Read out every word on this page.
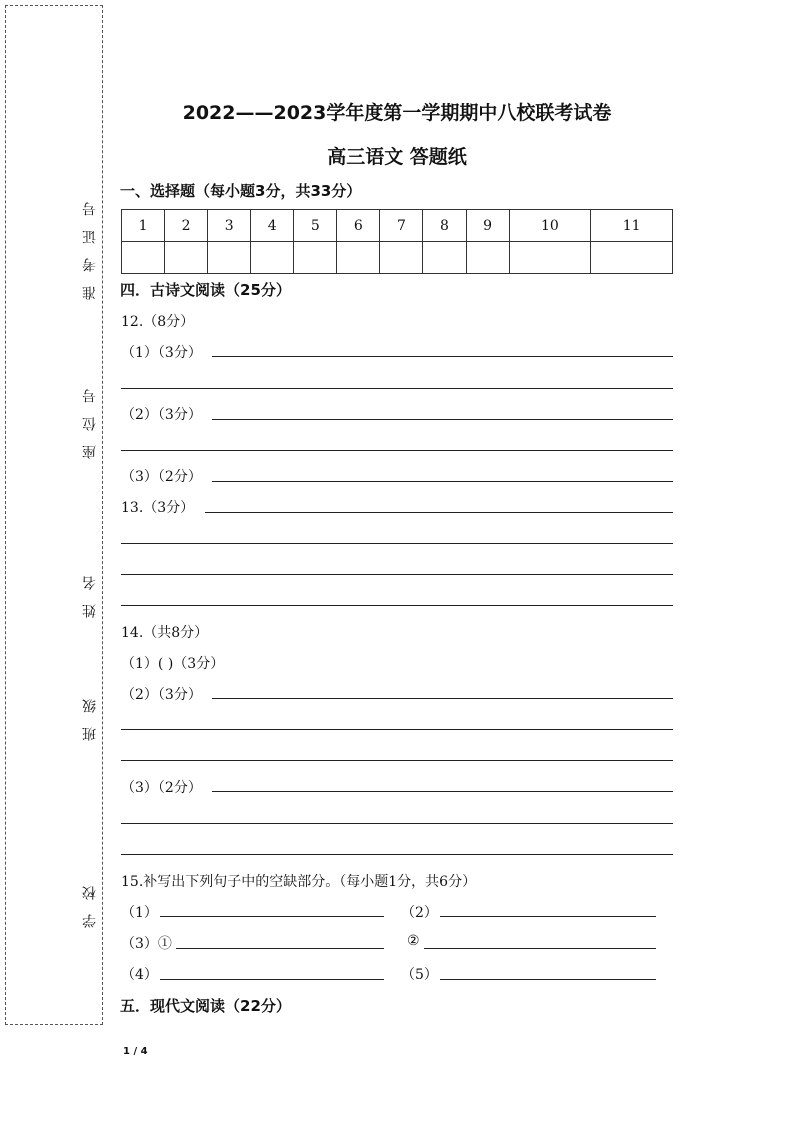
准考证号
座位号
姓名
班级
学校
2022——2023学年度第一学期期中八校联考试卷
高三语文 答题纸
一、选择题（每小题3分，共33分）
1	2	3	4	5	6	7	8	9	10	11

四．古诗文阅读（25分）
12.（8分）
（1）（3分）
（2）（3分）
（3）（2分）
13.（3分）
14.（共8分）
（1）( )（3分）
（2）（3分）
（3）（2分）
15.补写出下列句子中的空缺部分。（每小题1分，共6分）
（1）	（2）
（3）①	②
（4）	（5）
五．现代文阅读（22分）
1 / 4
